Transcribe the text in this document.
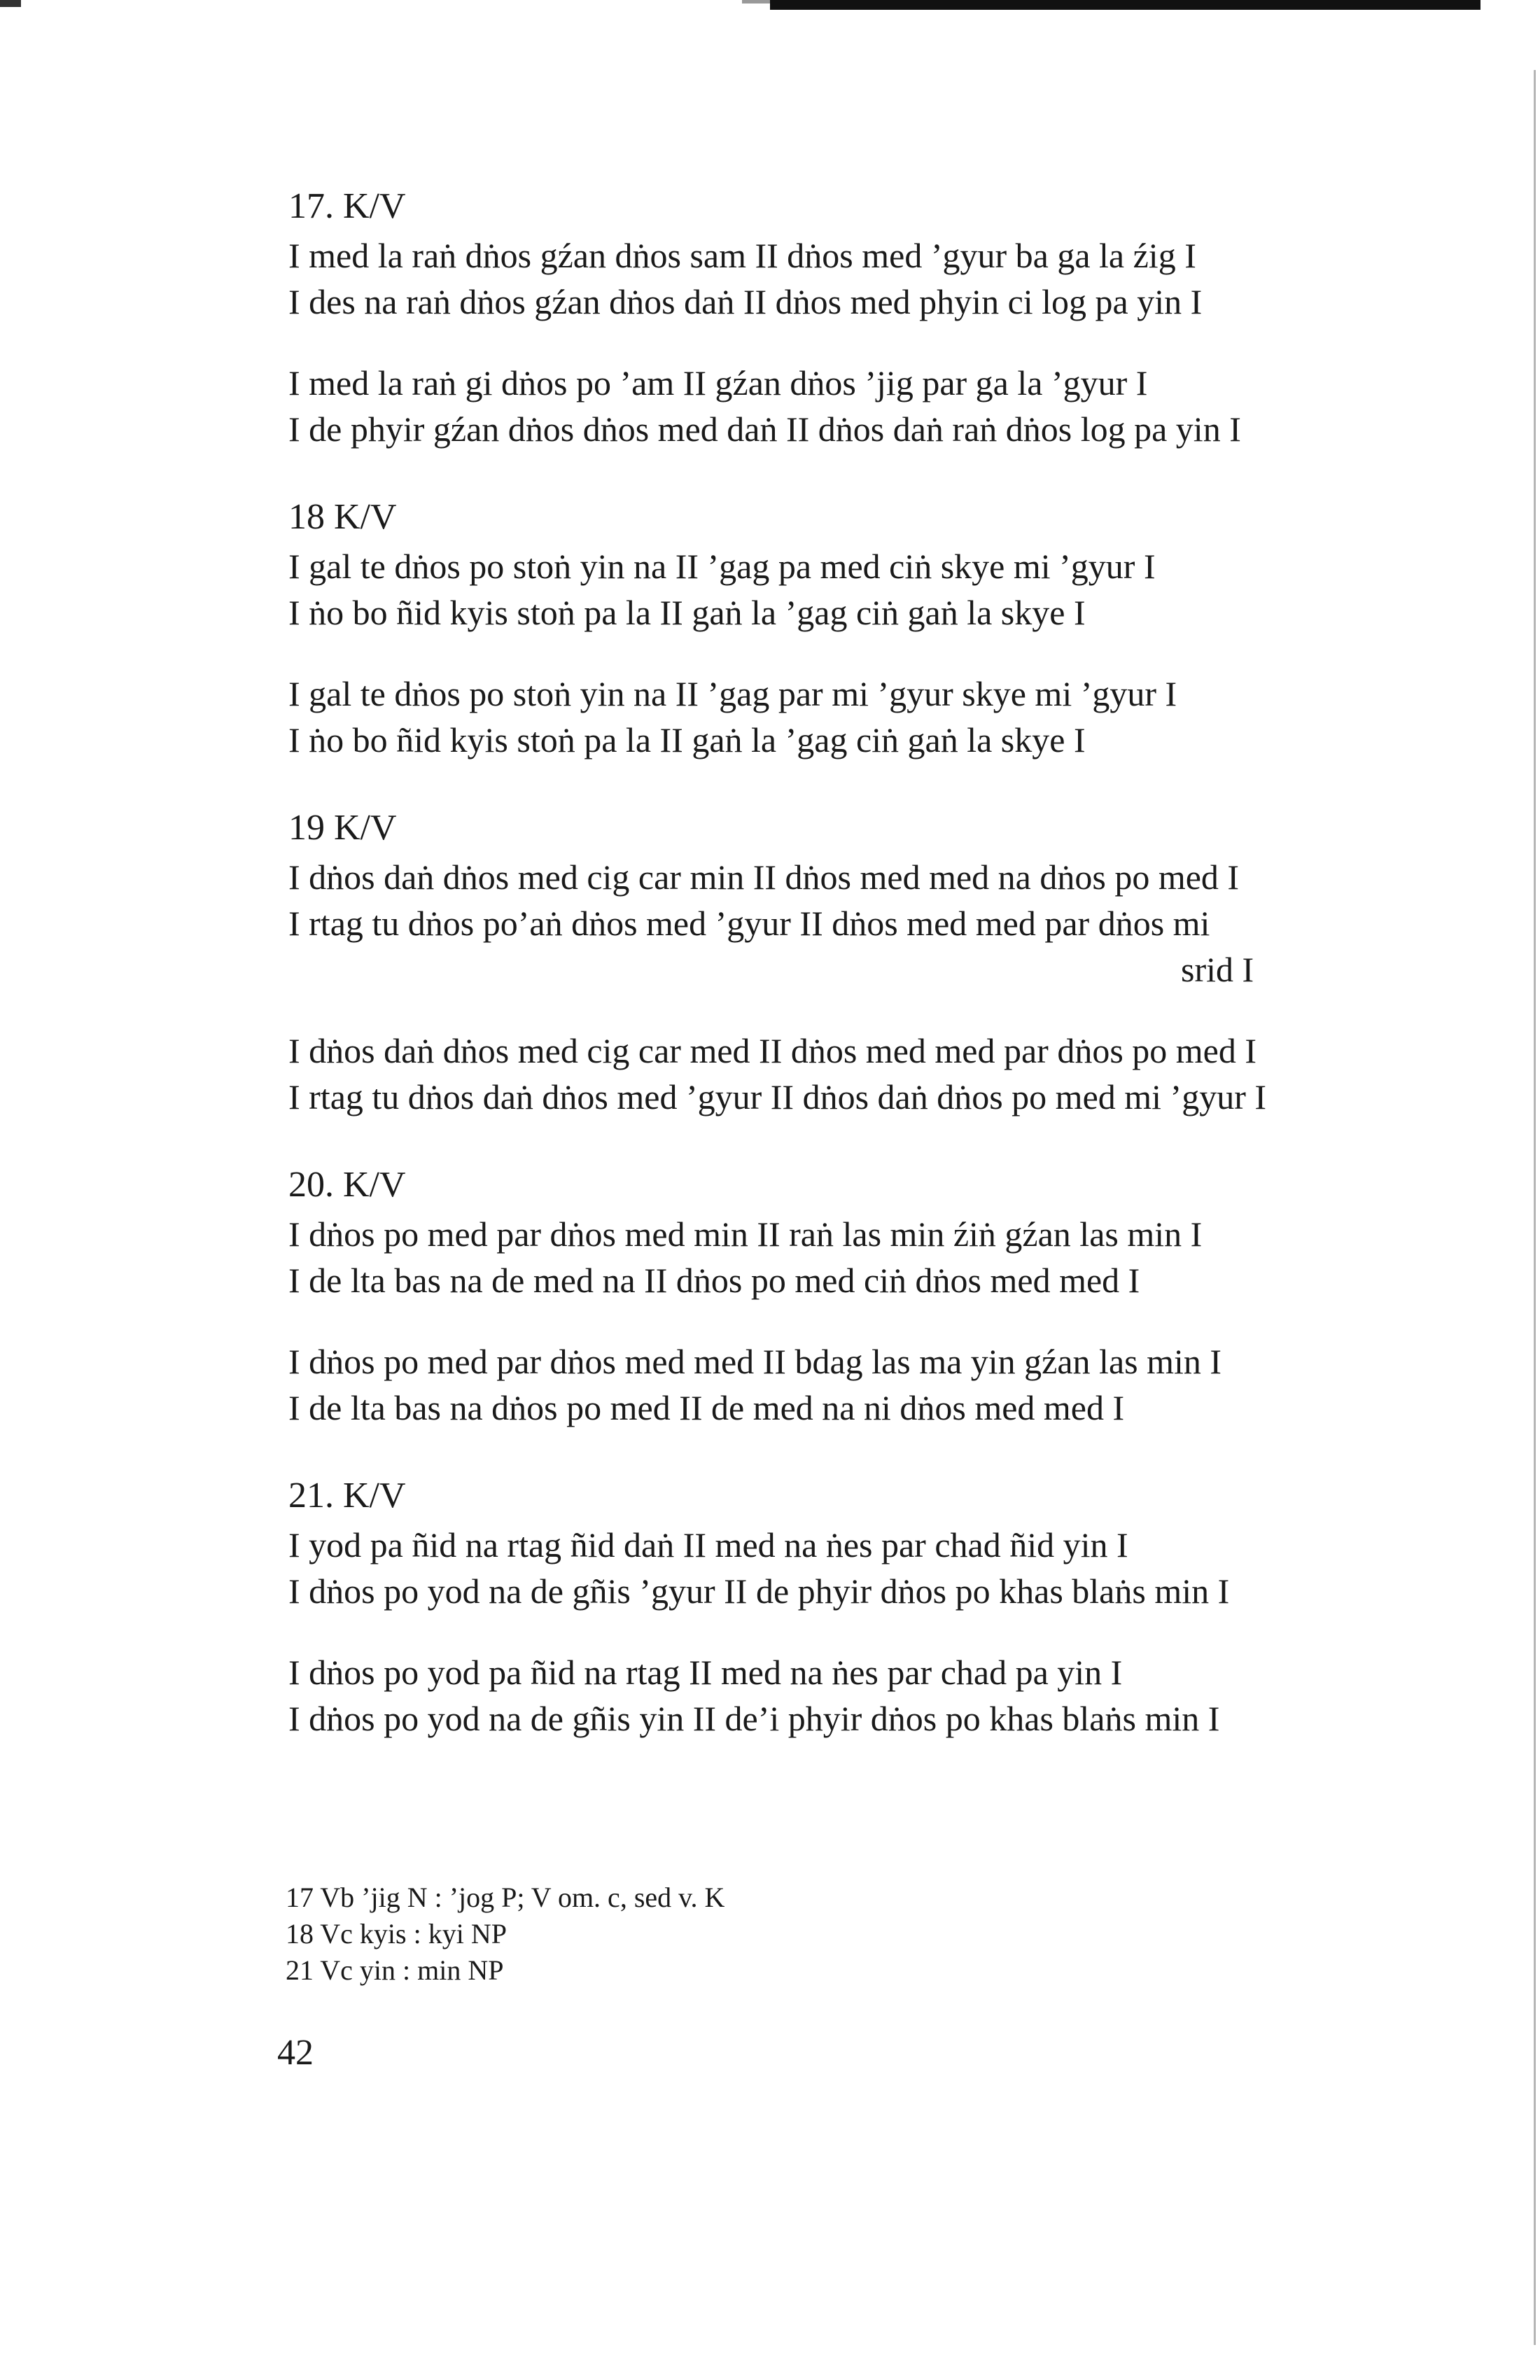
17. K/V
I med la raṅ dṅos gźan dṅos sam II dṅos med ’gyur ba ga la źig I
I des na raṅ dṅos gźan dṅos daṅ II dṅos med phyin ci log pa yin I
I med la raṅ gi dṅos po ’am II gźan dṅos ’jig par ga la ’gyur I
I de phyir gźan dṅos dṅos med daṅ II dṅos daṅ raṅ dṅos log pa yin I
18 K/V
I gal te dṅos po stoṅ yin na II ’gag pa med ciṅ skye mi ’gyur I
I ṅo bo ñid kyis stoṅ pa la II gaṅ la ’gag ciṅ gaṅ la skye I
I gal te dṅos po stoṅ yin na II ’gag par mi ’gyur skye mi ’gyur I
I ṅo bo ñid kyis stoṅ pa la II gaṅ la ’gag ciṅ gaṅ la skye I
19 K/V
I dṅos daṅ dṅos med cig car min II dṅos med med na dṅos po med I
I rtag tu dṅos po’aṅ dṅos med ’gyur II dṅos med med par dṅos mi
srid I
I dṅos daṅ dṅos med cig car med II dṅos med med par dṅos po med I
I rtag tu dṅos daṅ dṅos med ’gyur II dṅos daṅ dṅos po med mi ’gyur I
20. K/V
I dṅos po med par dṅos med min II raṅ las min źiṅ gźan las min I
I de lta bas na de med na II dṅos po med ciṅ dṅos med med I
I dṅos po med par dṅos med med II bdag las ma yin gźan las min I
I de lta bas na dṅos po med II de med na ni dṅos med med I
21. K/V
I yod pa ñid na rtag ñid daṅ II med na ṅes par chad ñid yin I
I dṅos po yod na de gñis ’gyur II de phyir dṅos po khas blaṅs min I
I dṅos po yod pa ñid na rtag II med na ṅes par chad pa yin I
I dṅos po yod na de gñis yin II de’i phyir dṅos po khas blaṅs min I
17 Vb ’jig N : ’jog P; V om. c, sed v. K
18 Vc kyis : kyi NP
21 Vc yin : min NP
42
